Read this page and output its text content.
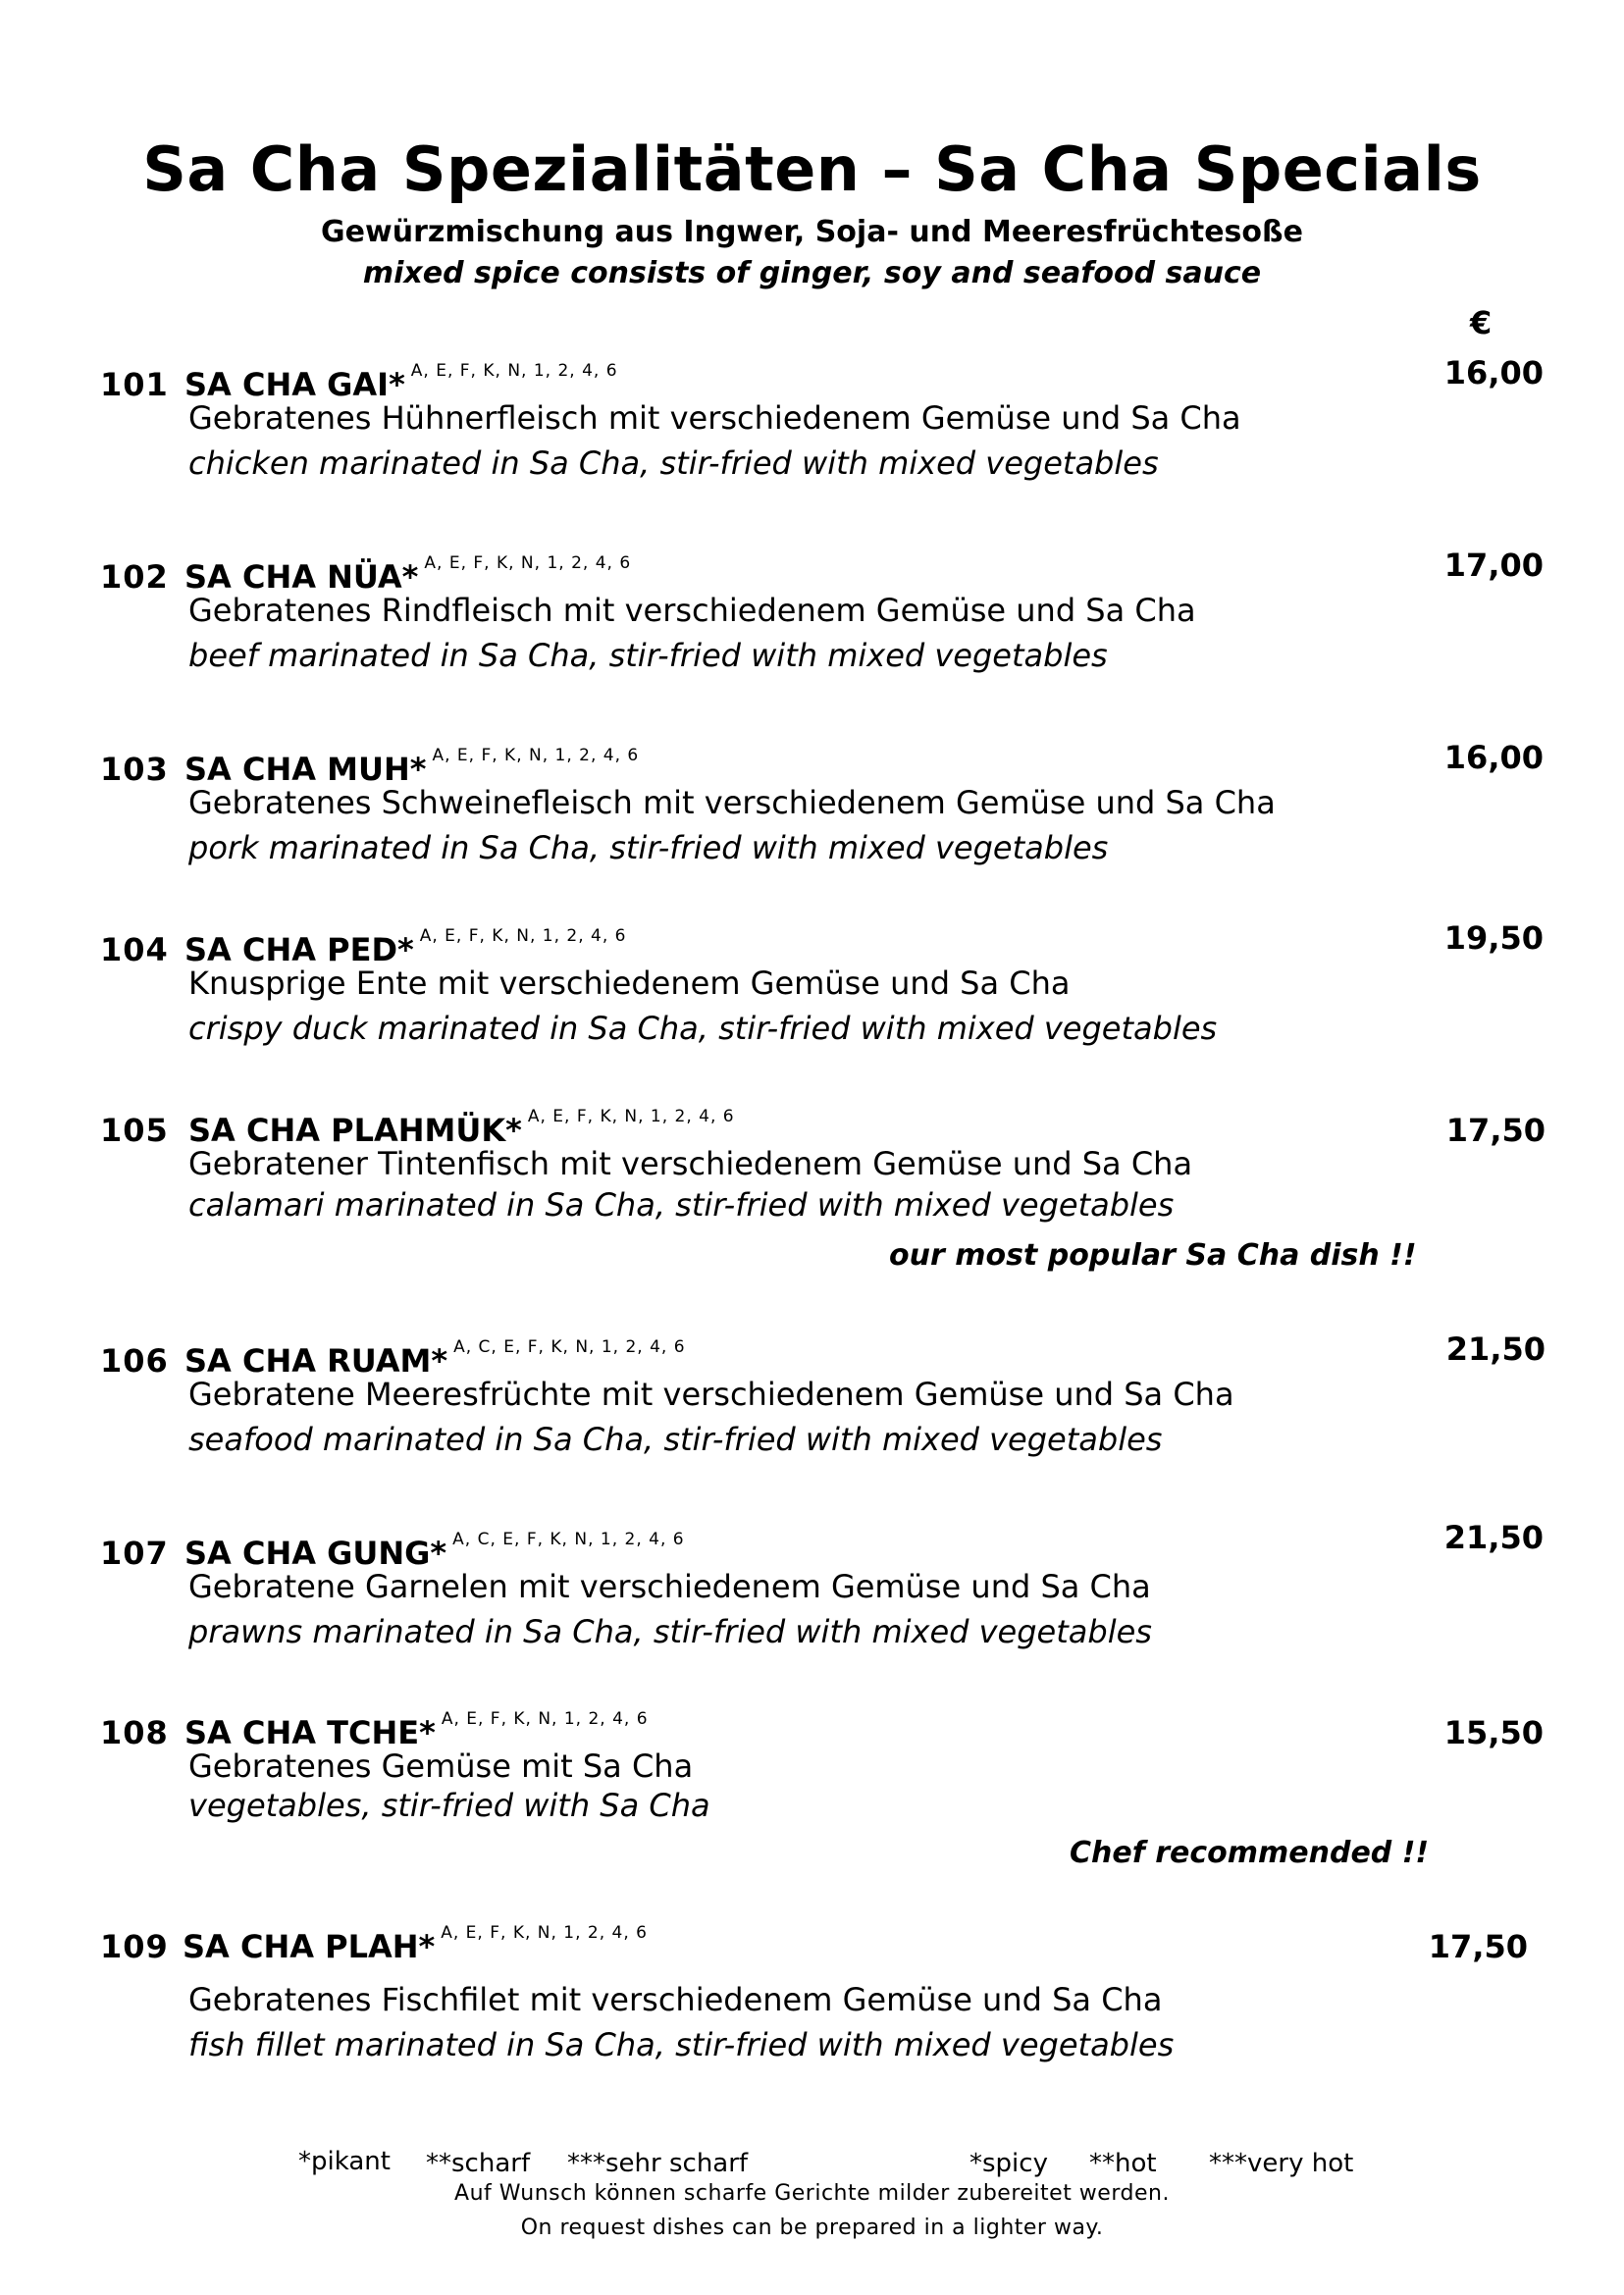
Sa Cha Spezialitäten – Sa Cha Specials
Gewürzmischung aus Ingwer, Soja- und Meeresfrüchtesoße
mixed spice consists of ginger, soy and seafood sauce
€
101 SA CHA GAI* $^{A, E, F, K, N, 1, 2, 4, 6}$	16,00
Gebratenes Hühnerfleisch mit verschiedenem Gemüse und Sa Cha
chicken marinated in Sa Cha, stir-fried with mixed vegetables
102 SA CHA NÜA* $^{A, E, F, K, N, 1, 2, 4, 6}$	17,00
Gebratenes Rindfleisch mit verschiedenem Gemüse und Sa Cha
beef marinated in Sa Cha, stir-fried with mixed vegetables
103 SA CHA MUH* $^{A, E, F, K, N, 1, 2, 4, 6}$	16,00
Gebratenes Schweinefleisch mit verschiedenem Gemüse und Sa Cha
pork marinated in Sa Cha, stir-fried with mixed vegetables
104 SA CHA PED* $^{A, E, F, K, N, 1, 2, 4, 6}$	19,50
Knusprige Ente mit verschiedenem Gemüse und Sa Cha
crispy duck marinated in Sa Cha, stir-fried with mixed vegetables
105 SA CHA PLAHMÜK* $^{A, E, F, K, N, 1, 2, 4, 6}$	17,50
Gebratener Tintenfisch mit verschiedenem Gemüse und Sa Cha
calamari marinated in Sa Cha, stir-fried with mixed vegetables
our most popular Sa Cha dish !!
106 SA CHA RUAM* $^{A, C, E, F, K, N, 1, 2, 4, 6}$	21,50
Gebratene Meeresfrüchte mit verschiedenem Gemüse und Sa Cha
seafood marinated in Sa Cha, stir-fried with mixed vegetables
107 SA CHA GUNG* $^{A, C, E, F, K, N, 1, 2, 4, 6}$	21,50
Gebratene Garnelen mit verschiedenem Gemüse und Sa Cha
prawns marinated in Sa Cha, stir-fried with mixed vegetables
108 SA CHA TCHE* $^{A, E, F, K, N, 1, 2, 4, 6}$	15,50
Gebratenes Gemüse mit Sa Cha
vegetables, stir-fried with Sa Cha
Chef recommended !!
109 SA CHA PLAH* $^{A, E, F, K, N, 1, 2, 4, 6}$	17,50
Gebratenes Fischfilet mit verschiedenem Gemüse und Sa Cha
fish fillet marinated in Sa Cha, stir-fried with mixed vegetables
*pikant **scharf ***sehr scharf	*spicy **hot ***very hot
Auf Wunsch können scharfe Gerichte milder zubereitet werden.
On request dishes can be prepared in a lighter way.
